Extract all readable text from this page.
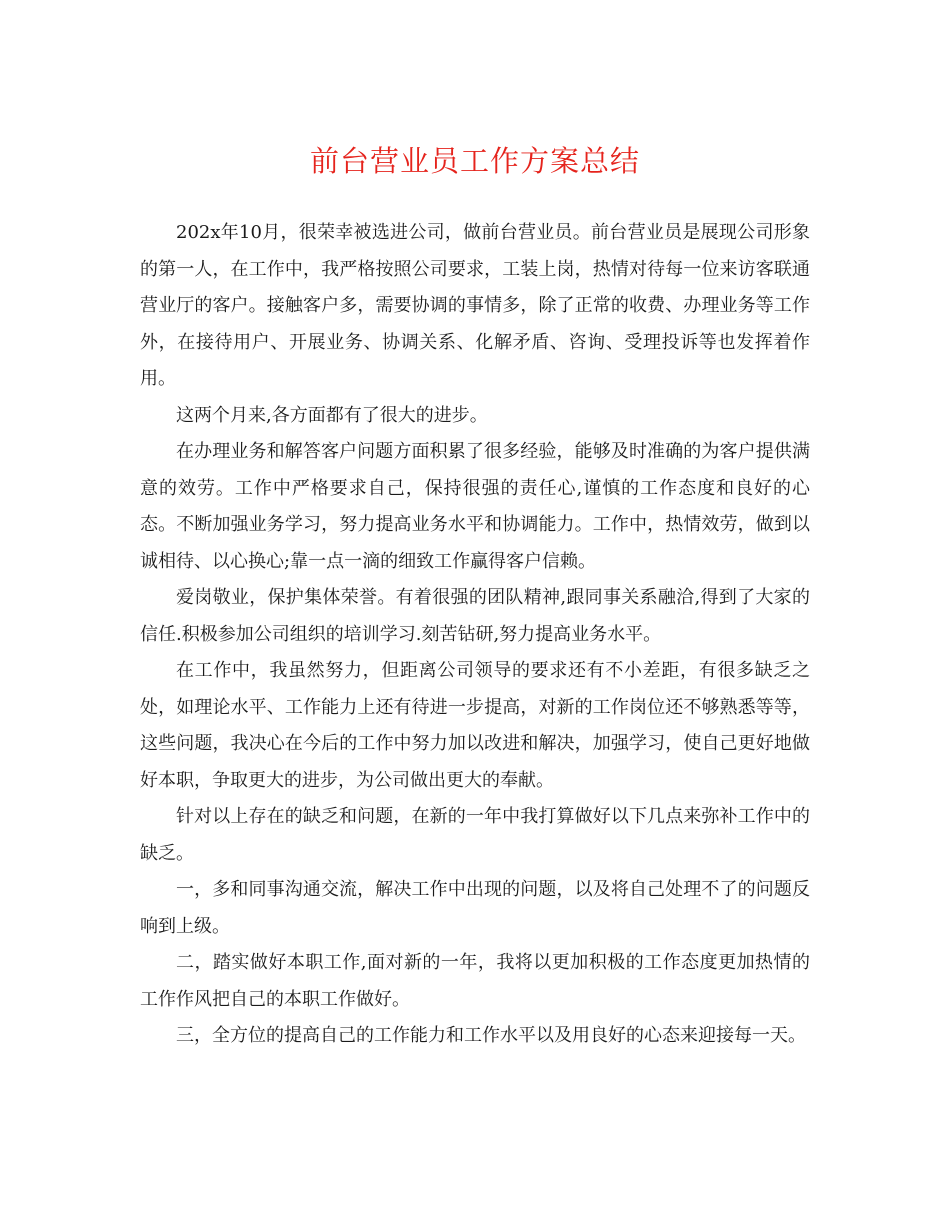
前台营业员工作方案总结

202x年10月，很荣幸被选进公司，做前台营业员。前台营业员是展现公司形象的第一人，在工作中，我严格按照公司要求，工装上岗，热情对待每一位来访客联通营业厅的客户。接触客户多，需要协调的事情多，除了正常的收费、办理业务等工作外，在接待用户、开展业务、协调关系、化解矛盾、咨询、受理投诉等也发挥着作用。

这两个月来,各方面都有了很大的进步。

在办理业务和解答客户问题方面积累了很多经验，能够及时准确的为客户提供满意的效劳。工作中严格要求自己，保持很强的责任心,谨慎的工作态度和良好的心态。不断加强业务学习，努力提高业务水平和协调能力。工作中，热情效劳，做到以诚相待、以心换心;靠一点一滴的细致工作赢得客户信赖。

爱岗敬业，保护集体荣誉。有着很强的团队精神,跟同事关系融洽,得到了大家的信任.积极参加公司组织的培训学习.刻苦钻研,努力提高业务水平。

在工作中，我虽然努力，但距离公司领导的要求还有不小差距，有很多缺乏之处，如理论水平、工作能力上还有待进一步提高，对新的工作岗位还不够熟悉等等，这些问题，我决心在今后的工作中努力加以改进和解决，加强学习，使自己更好地做好本职，争取更大的进步，为公司做出更大的奉献。

针对以上存在的缺乏和问题，在新的一年中我打算做好以下几点来弥补工作中的缺乏。

一，多和同事沟通交流，解决工作中出现的问题，以及将自己处理不了的问题反响到上级。

二，踏实做好本职工作,面对新的一年，我将以更加积极的工作态度更加热情的工作作风把自己的本职工作做好。

三，全方位的提高自己的工作能力和工作水平以及用良好的心态来迎接每一天。
